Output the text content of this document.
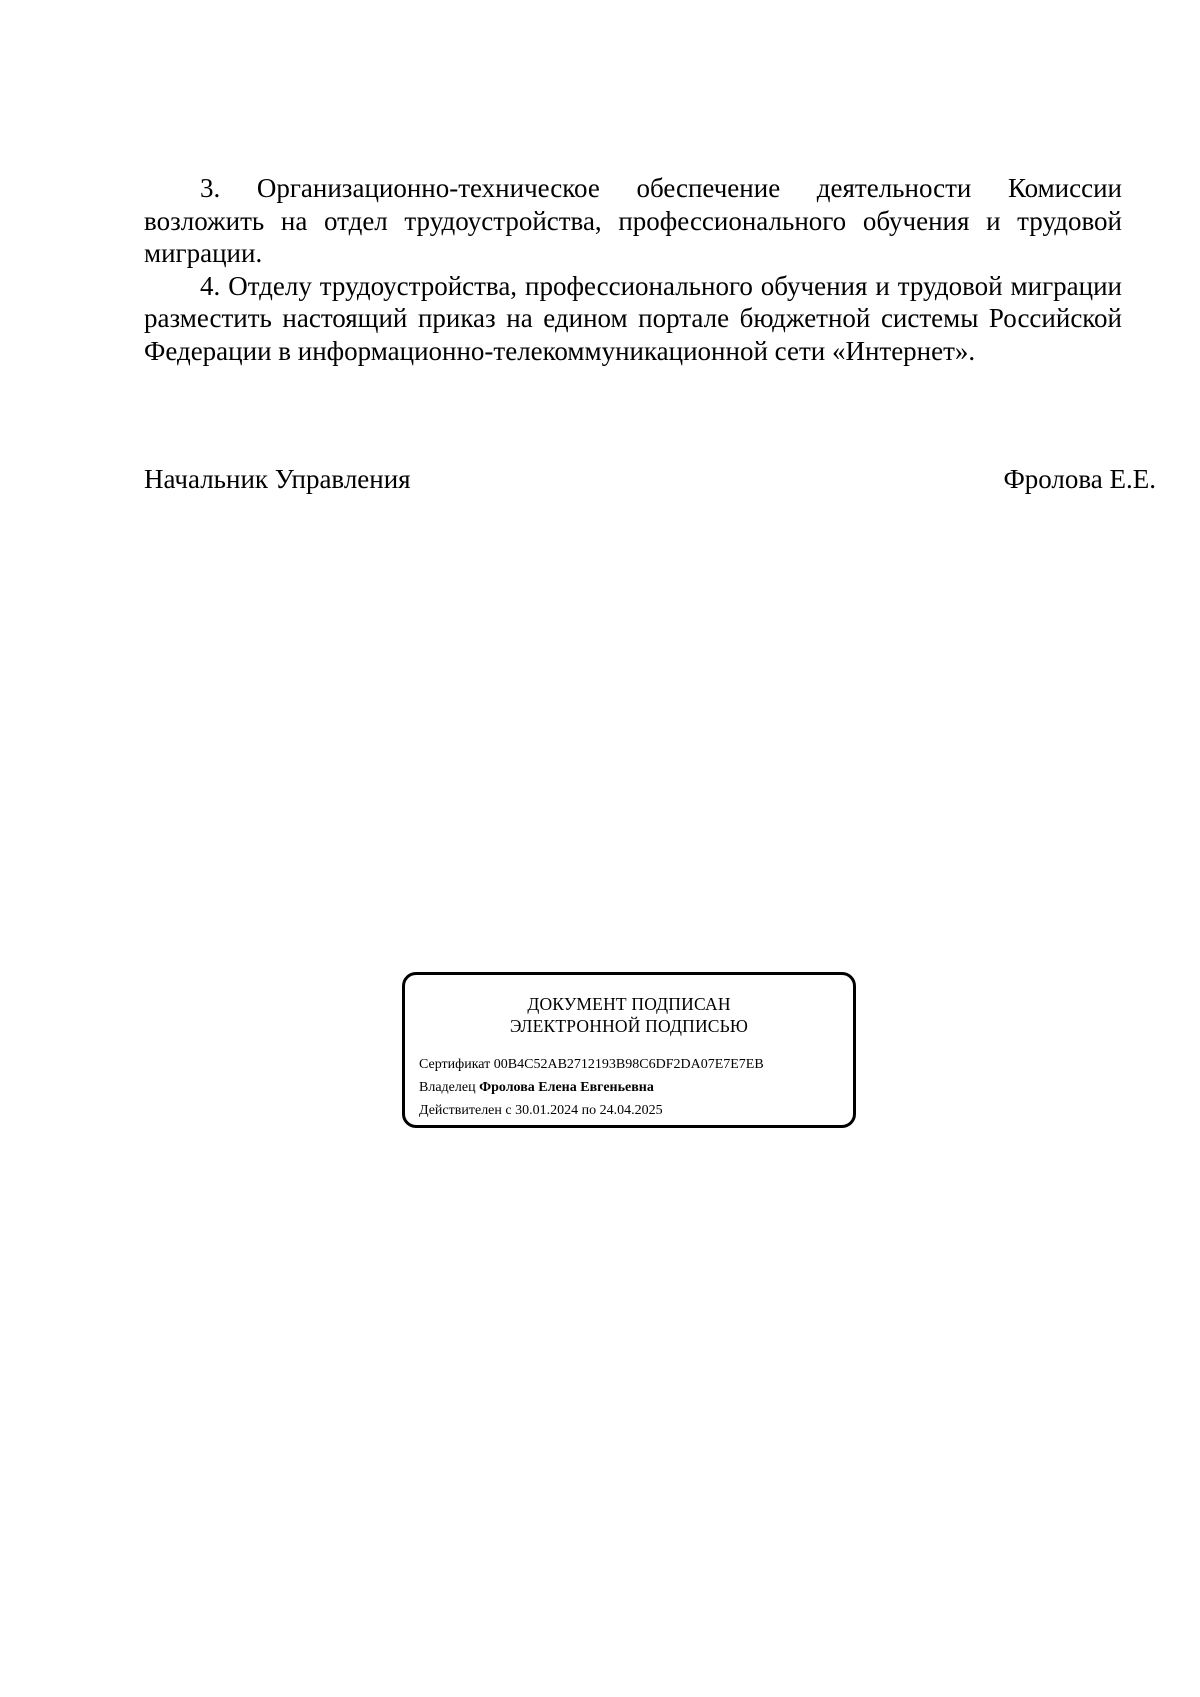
3. Организационно-техническое обеспечение деятельности Комиссии возложить на отдел трудоустройства, профессионального обучения и трудовой миграции.

4. Отделу трудоустройства, профессионального обучения и трудовой миграции разместить настоящий приказ на едином портале бюджетной системы Российской Федерации в информационно-телекоммуникационной сети «Интернет».

Начальник Управления	Фролова Е.Е.
ДОКУМЕНТ ПОДПИСАН
ЭЛЕКТРОННОЙ ПОДПИСЬЮ
Сертификат 00B4C52AB2712193B98C6DF2DA07E7E7EB
Владелец Фролова Елена Евгеньевна
Действителен с 30.01.2024 по 24.04.2025
